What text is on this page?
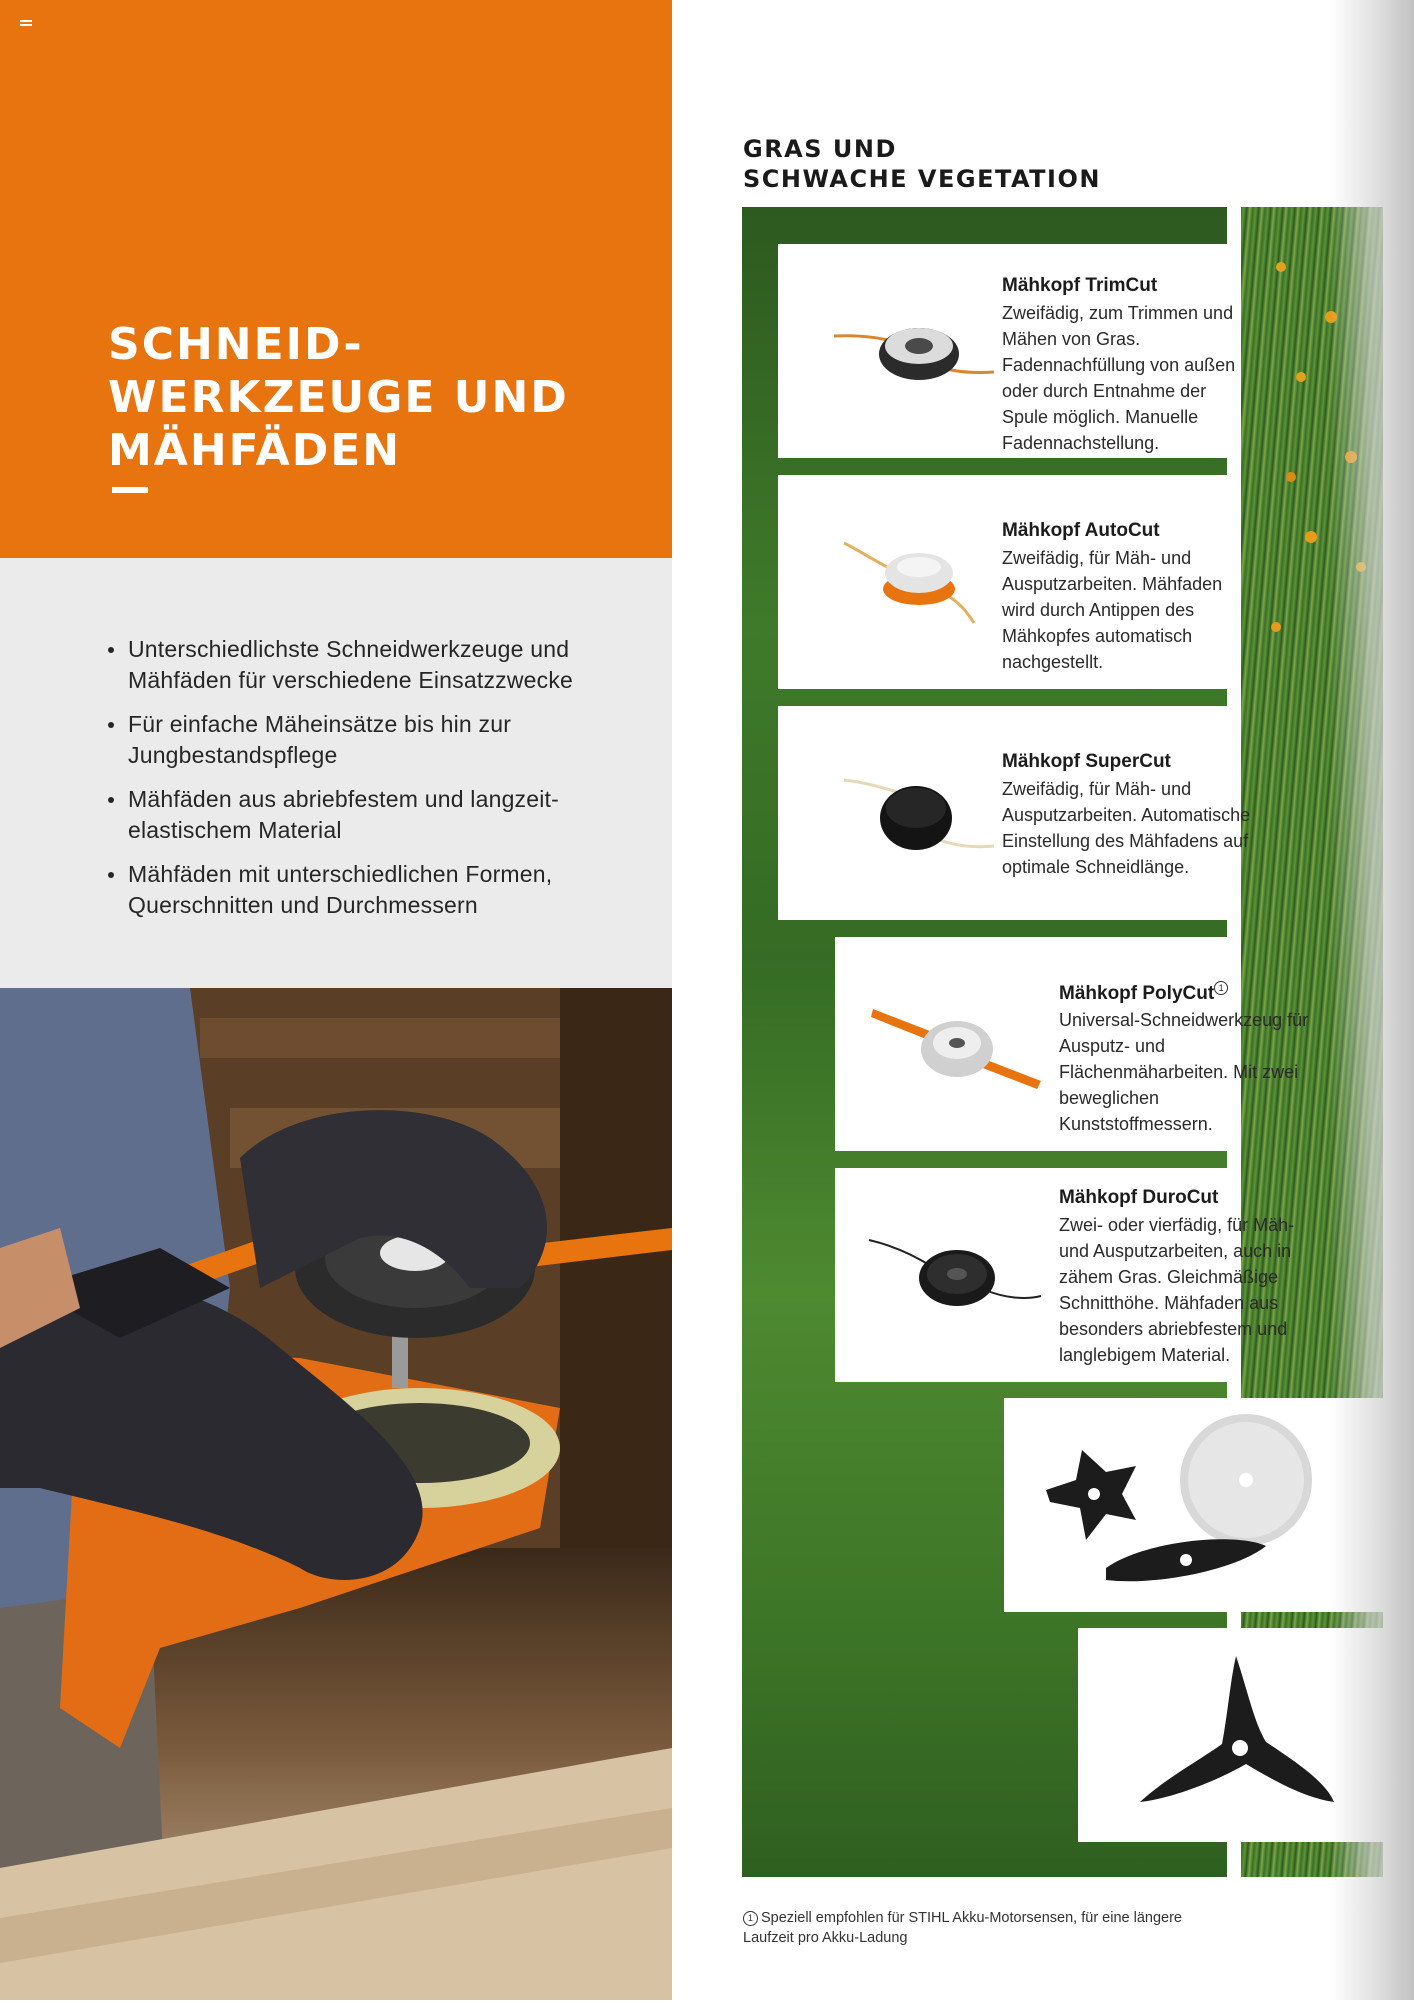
SCHNEID-
WERKZEUGE UND
MÄHFÄDEN
Unterschiedlichste Schneidwerkzeuge und Mähfäden für verschiedene Einsatzzwecke
Für einfache Mäheinsätze bis hin zur Jungbestandspflege
Mähfäden aus abriebfestem und langzeit- elastischem Material
Mähfäden mit unterschiedlichen Formen, Querschnitten und Durchmessern
GRAS UND
SCHWACHE VEGETATION
Mähkopf TrimCut
Zweifädig, zum Trimmen und Mähen von Gras. Fadennachfüllung von außen oder durch Entnahme der Spule möglich. Manuelle Fadennachstellung.
Mähkopf AutoCut
Zweifädig, für Mäh- und Ausputzarbeiten. Mähfaden wird durch Antippen des Mähkopfes automatisch nachgestellt.
Mähkopf SuperCut
Zweifädig, für Mäh- und Ausputzarbeiten. Automatische Einstellung des Mähfadens auf optimale Schneidlänge.
Mähkopf PolyCut 1
Universal-Schneidwerkzeug für Ausputz- und Flächenmäharbeiten. Mit zwei beweglichen Kunststoffmessern.
Mähkopf DuroCut
Zwei- oder vierfädig, für Mäh- und Ausputzarbeiten, auch in zähem Gras. Gleichmäßige Schnitthöhe. Mähfaden aus besonders abriebfestem und langlebigem Material.
1 Speziell empfohlen für STIHL Akku-Motorsensen, für eine längere Laufzeit pro Akku-Ladung
